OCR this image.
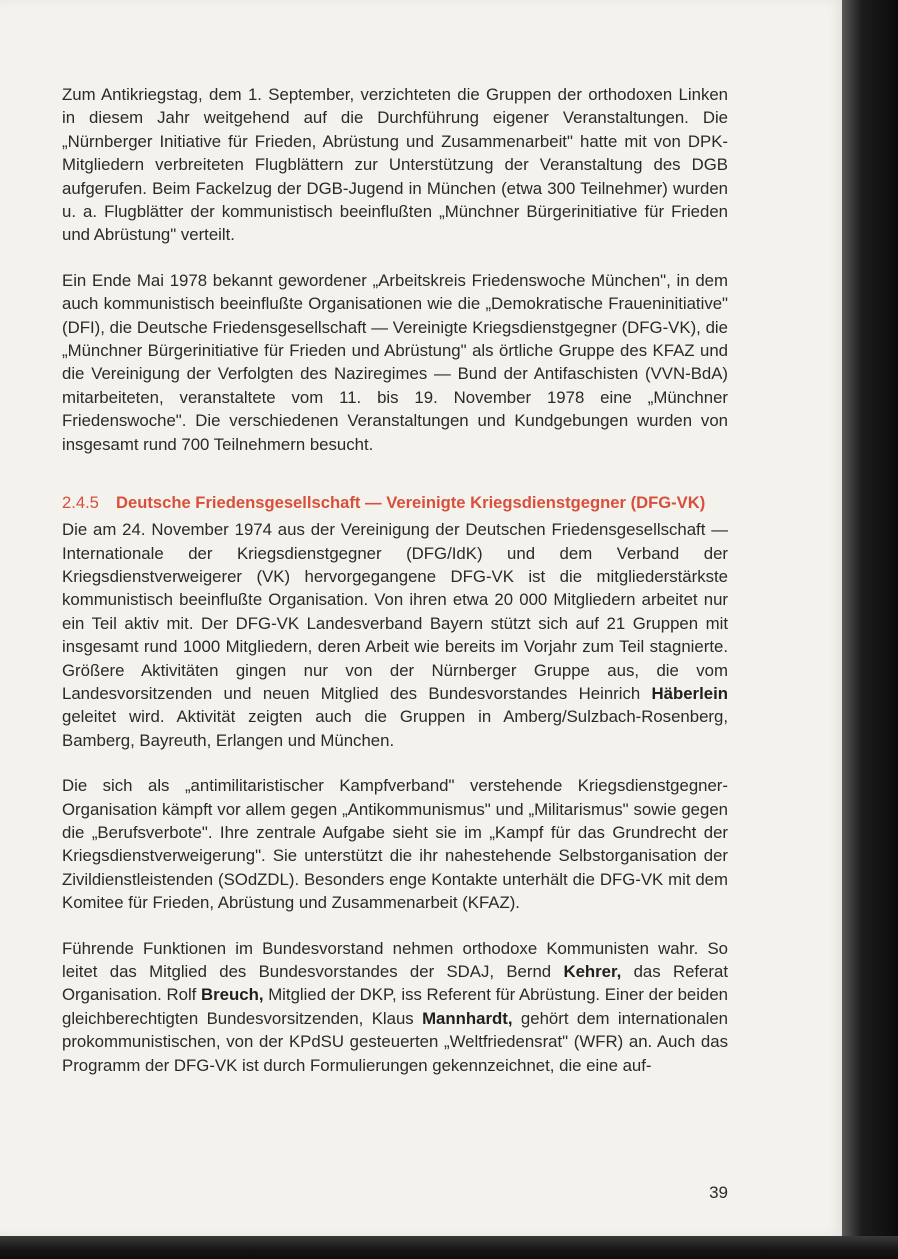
Zum Antikriegstag, dem 1. September, verzichteten die Gruppen der orthodoxen Linken in diesem Jahr weitgehend auf die Durchführung eigener Veranstaltungen. Die „Nürnberger Initiative für Frieden, Abrüstung und Zusammenarbeit" hatte mit von DPK-Mitgliedern verbreiteten Flugblättern zur Unterstützung der Veranstaltung des DGB aufgerufen. Beim Fackelzug der DGB-Jugend in München (etwa 300 Teilnehmer) wurden u. a. Flugblätter der kommunistisch beeinflußten „Münchner Bürgerinitiative für Frieden und Abrüstung" verteilt.

Ein Ende Mai 1978 bekannt gewordener „Arbeitskreis Friedenswoche München", in dem auch kommunistisch beeinflußte Organisationen wie die „Demokratische Fraueninitiative" (DFI), die Deutsche Friedensgesellschaft — Vereinigte Kriegsdienstgegner (DFG-VK), die „Münchner Bürgerinitiative für Frieden und Abrüstung" als örtliche Gruppe des KFAZ und die Vereinigung der Verfolgten des Naziregimes — Bund der Antifaschisten (VVN-BdA) mitarbeiteten, veranstaltete vom 11. bis 19. November 1978 eine „Münchner Friedenswoche". Die verschiedenen Veranstaltungen und Kundgebungen wurden von insgesamt rund 700 Teilnehmern besucht.

2.4.5	Deutsche Friedensgesellschaft — Vereinigte Kriegsdienstgegner (DFG-VK)

Die am 24. November 1974 aus der Vereinigung der Deutschen Friedensgesellschaft — Internationale der Kriegsdienstgegner (DFG/IdK) und dem Verband der Kriegsdienstverweigerer (VK) hervorgegangene DFG-VK ist die mitgliederstärkste kommunistisch beeinflußte Organisation. Von ihren etwa 20 000 Mitgliedern arbeitet nur ein Teil aktiv mit. Der DFG-VK Landesverband Bayern stützt sich auf 21 Gruppen mit insgesamt rund 1000 Mitgliedern, deren Arbeit wie bereits im Vorjahr zum Teil stagnierte. Größere Aktivitäten gingen nur von der Nürnberger Gruppe aus, die vom Landesvorsitzenden und neuen Mitglied des Bundesvorstandes Heinrich Häberlein geleitet wird. Aktivität zeigten auch die Gruppen in Amberg/Sulzbach-Rosenberg, Bamberg, Bayreuth, Erlangen und München.

Die sich als „antimilitaristischer Kampfverband" verstehende Kriegsdienstgegner-Organisation kämpft vor allem gegen „Antikommunismus" und „Militarismus" sowie gegen die „Berufsverbote". Ihre zentrale Aufgabe sieht sie im „Kampf für das Grundrecht der Kriegsdienstverweigerung". Sie unterstützt die ihr nahestehende Selbstorganisation der Zivildienstleistenden (SOdZDL). Besonders enge Kontakte unterhält die DFG-VK mit dem Komitee für Frieden, Abrüstung und Zusammenarbeit (KFAZ).

Führende Funktionen im Bundesvorstand nehmen orthodoxe Kommunisten wahr. So leitet das Mitglied des Bundesvorstandes der SDAJ, Bernd Kehrer, das Referat Organisation. Rolf Breuch, Mitglied der DKP, iss Referent für Abrüstung. Einer der beiden gleichberechtigten Bundesvorsitzenden, Klaus Mannhardt, gehört dem internationalen prokommunistischen, von der KPdSU gesteuerten „Weltfriedensrat" (WFR) an. Auch das Programm der DFG-VK ist durch Formulierungen gekennzeichnet, die eine auf-

39
